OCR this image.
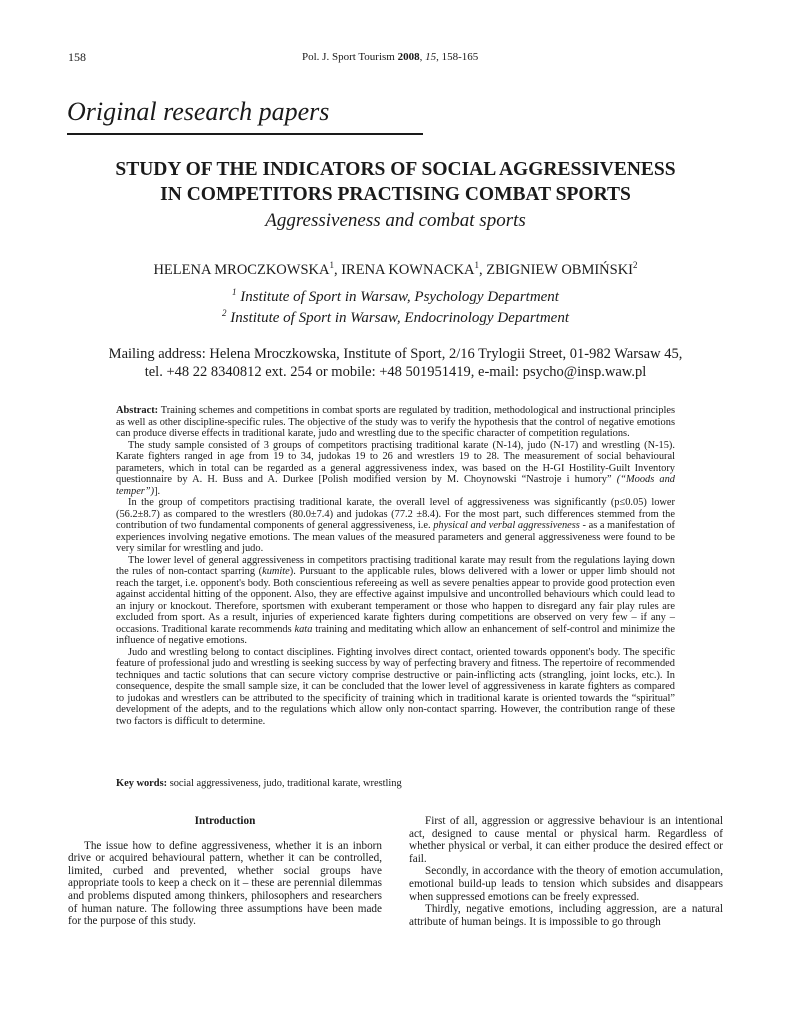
158	Pol. J. Sport Tourism 2008, 15, 158-165
Original research papers
STUDY OF THE INDICATORS OF SOCIAL AGGRESSIVENESS
IN COMPETITORS PRACTISING COMBAT SPORTS
Aggressiveness and combat sports
HELENA MROCZKOWSKA$^1$, IRENA KOWNACKA$^1$, ZBIGNIEW OBMIŃSKI$^2$
$^1$ Institute of Sport in Warsaw, Psychology Department
$^2$ Institute of Sport in Warsaw, Endocrinology Department
Mailing address: Helena Mroczkowska, Institute of Sport, 2/16 Trylogii Street, 01-982 Warsaw 45,
tel. +48 22 8340812 ext. 254 or mobile: +48 501951419, e-mail: psycho@insp.waw.pl

Abstract: Training schemes and competitions in combat sports are regulated by tradition, methodological and instructional principles as well as other discipline-specific rules. The objective of the study was to verify the hypothesis that the control of negative emotions can produce diverse effects in traditional karate, judo and wrestling due to the specific character of competition regulations.

The study sample consisted of 3 groups of competitors practising traditional karate (N-14), judo (N-17) and wrestling (N-15). Karate fighters ranged in age from 19 to 34, judokas 19 to 26 and wrestlers 19 to 28. The measurement of social behavioural parameters, which in total can be regarded as a general aggressiveness index, was based on the H-GI Hostility-Guilt Inventory questionnaire by A. H. Buss and A. Durkee [Polish modified version by M. Choynowski “Nastroje i humory” (“Moods and temper”)].

In the group of competitors practising traditional karate, the overall level of aggressiveness was significantly (p≤0.05) lower (56.2±8.7) as compared to the wrestlers (80.0±7.4) and judokas (77.2 ±8.4). For the most part, such differences stemmed from the contribution of two fundamental components of general aggressiveness, i.e. physical and verbal aggressiveness - as a manifestation of experiences involving negative emotions. The mean values of the measured parameters and general aggressiveness were found to be very similar for wrestling and judo.

The lower level of general aggressiveness in competitors practising traditional karate may result from the regulations laying down the rules of non-contact sparring (kumite). Pursuant to the applicable rules, blows delivered with a lower or upper limb should not reach the target, i.e. opponent's body. Both conscientious refereeing as well as severe penalties appear to provide good protection even against accidental hitting of the opponent. Also, they are effective against impulsive and uncontrolled behaviours which could lead to an injury or knockout. Therefore, sportsmen with exuberant temperament or those who happen to disregard any fair play rules are excluded from sport. As a result, injuries of experienced karate fighters during competitions are observed on very few – if any – occasions. Traditional karate recommends kata training and meditating which allow an enhancement of self-control and minimize the influence of negative emotions.

Judo and wrestling belong to contact disciplines. Fighting involves direct contact, oriented towards opponent's body. The specific feature of professional judo and wrestling is seeking success by way of perfecting bravery and fitness. The repertoire of recommended techniques and tactic solutions that can secure victory comprise destructive or pain-inflicting acts (strangling, joint locks, etc.). In consequence, despite the small sample size, it can be concluded that the lower level of aggressiveness in karate fighters as compared to judokas and wrestlers can be attributed to the specificity of training which in traditional karate is oriented towards the “spiritual” development of the adepts, and to the regulations which allow only non-contact sparring. However, the contribution range of these two factors is difficult to determine.

Key words: social aggressiveness, judo, traditional karate, wrestling
Introduction

The issue how to define aggressiveness, whether it is an inborn drive or acquired behavioural pattern, whether it can be controlled, limited, curbed and prevented, whether social groups have appropriate tools to keep a check on it – these are perennial dilemmas and problems disputed among thinkers, philosophers and researchers of human nature. The following three assumptions have been made for the purpose of this study.

First of all, aggression or aggressive behaviour is an intentional act, designed to cause mental or physical harm. Regardless of whether physical or verbal, it can either produce the desired effect or fail.

Secondly, in accordance with the theory of emotion accumulation, emotional build-up leads to tension which subsides and disappears when suppressed emotions can be freely expressed.

Thirdly, negative emotions, including aggression, are a natural attribute of human beings. It is impossible to go through
